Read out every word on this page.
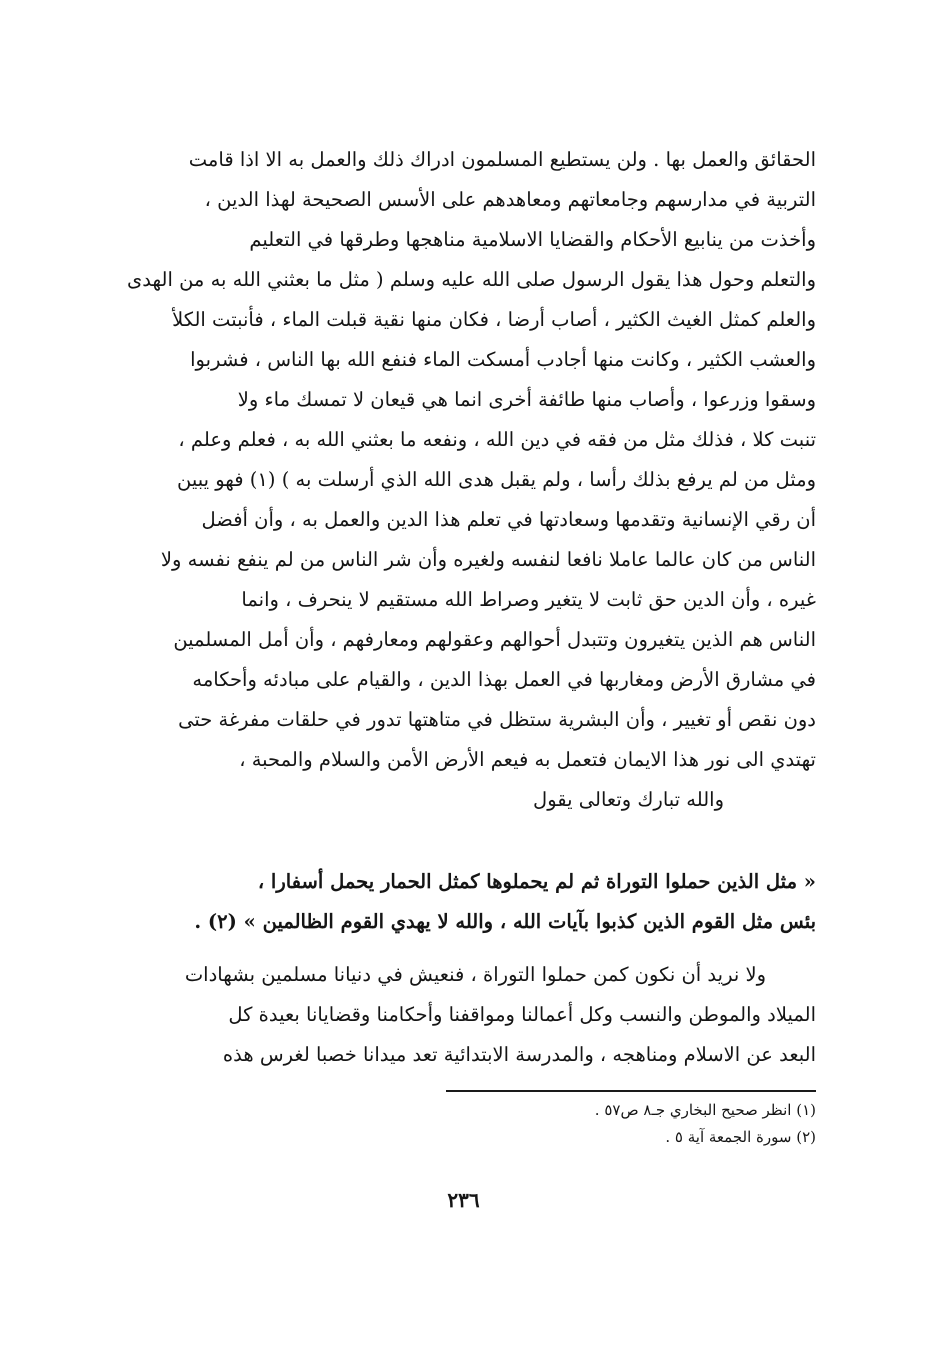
الحقائق والعمل بها . ولن يستطيع المسلمون ادراك ذلك والعمل به الا اذا قامت
التربية في مدارسهم وجامعاتهم ومعاهدهم على الأسس الصحيحة لهذا الدين ،
وأخذت من ينابيع الأحكام والقضايا الاسلامية مناهجها وطرقها في التعليم
والتعلم وحول هذا يقول الرسول صلى الله عليه وسلم ( مثل ما بعثني الله به من الهدى
والعلم كمثل الغيث الكثير ، أصاب أرضا ، فكان منها نقية قبلت الماء ، فأنبتت الكلأ
والعشب الكثير ، وكانت منها أجادب أمسكت الماء فنفع الله بها الناس ، فشربوا
وسقوا وزرعوا ، وأصاب منها طائفة أخرى انما هي قيعان لا تمسك ماء ولا
تنبت كلا ، فذلك مثل من فقه في دين الله ، ونفعه ما بعثني الله به ، فعلم وعلم ،
ومثل من لم يرفع بذلك رأسا ، ولم يقبل هدى الله الذي أرسلت به ) (١) فهو يبين
أن رقي الإنسانية وتقدمها وسعادتها في تعلم هذا الدين والعمل به ، وأن أفضل
الناس من كان عالما عاملا نافعا لنفسه ولغيره وأن شر الناس من لم ينفع نفسه ولا
غيره ، وأن الدين حق ثابت لا يتغير وصراط الله مستقيم لا ينحرف ، وانما
الناس هم الذين يتغيرون وتتبدل أحوالهم وعقولهم ومعارفهم ، وأن أمل المسلمين
في مشارق الأرض ومغاربها في العمل بهذا الدين ، والقيام على مبادئه وأحكامه
دون نقص أو تغيير ، وأن البشرية ستظل في متاهتها تدور في حلقات مفرغة حتى
تهتدي الى نور هذا الايمان فتعمل به فيعم الأرض الأمن والسلام والمحبة ،
والله تبارك وتعالى يقول
« مثل الذين حملوا التوراة ثم لم يحملوها كمثل الحمار يحمل أسفارا ،
بئس مثل القوم الذين كذبوا بآيات الله ، والله لا يهدي القوم الظالمين » (٢) .
ولا نريد أن نكون كمن حملوا التوراة ، فنعيش في دنيانا مسلمين بشهادات
الميلاد والموطن والنسب وكل أعمالنا ومواقفنا وأحكامنا وقضايانا بعيدة كل
البعد عن الاسلام ومناهجه ، والمدرسة الابتدائية تعد ميدانا خصبا لغرس هذه
(١) انظر صحيح البخاري جـ٨ ص٥٧ .
(٢) سورة الجمعة آية ٥ .
٢٣٦
